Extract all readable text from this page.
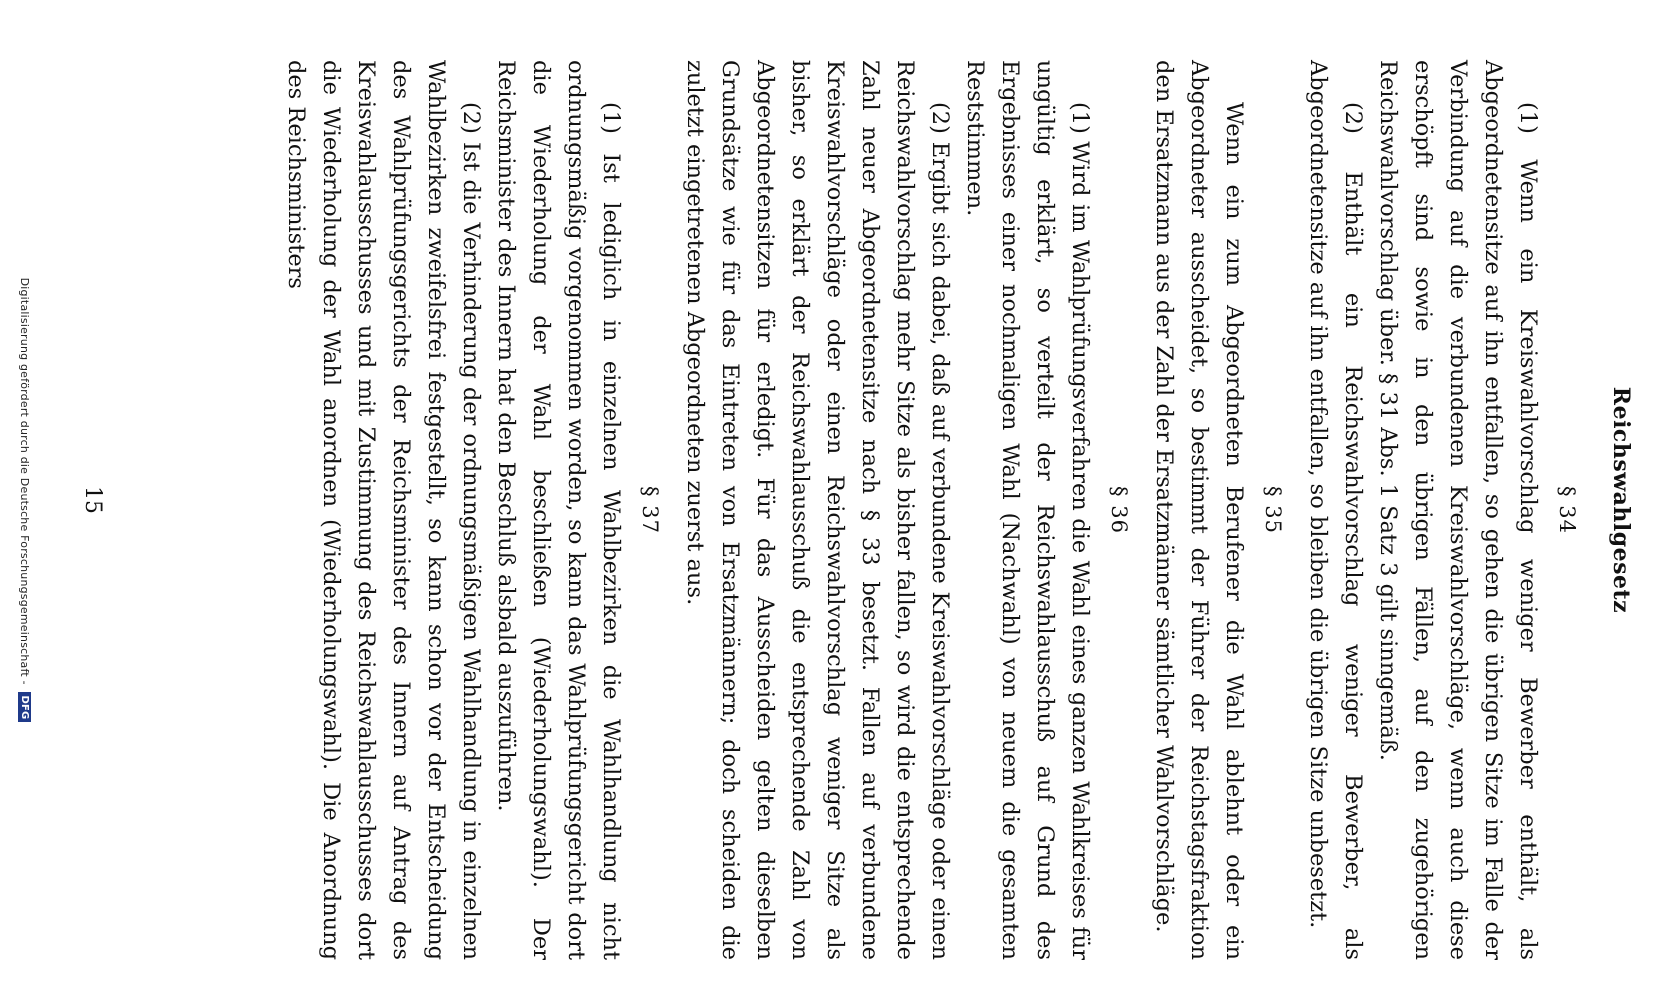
Reichswahlgesetz
§ 34

(1) Wenn ein Kreiswahlvorschlag weniger Bewerber enthält, als Abgeordnetensitze auf ihn entfallen, so gehen die übrigen Sitze im Falle der Verbindung auf die verbundenen Kreiswahlvorschläge, wenn auch diese erschöpft sind sowie in den übrigen Fällen, auf den zugehörigen Reichswahlvorschlag über. § 31 Abs. 1 Satz 3 gilt sinngemäß.

(2) Enthält ein Reichswahlvorschlag weniger Bewerber, als Abgeordnetensitze auf ihn entfallen, so bleiben die übrigen Sitze unbesetzt.

§ 35

Wenn ein zum Abgeordneten Berufener die Wahl ablehnt oder ein Abgeordneter ausscheidet, so bestimmt der Führer der Reichstagsfraktion den Ersatzmann aus der Zahl der Ersatzmänner sämtlicher Wahlvorschläge.

§ 36

(1) Wird im Wahlprüfungsverfahren die Wahl eines ganzen Wahlkreises für ungültig erklärt, so verteilt der Reichswahlausschuß auf Grund des Ergebnisses einer nochmaligen Wahl (Nachwahl) von neuem die gesamten Reststimmen.

(2) Ergibt sich dabei, daß auf verbundene Kreiswahlvorschläge oder einen Reichswahlvorschlag mehr Sitze als bisher fallen, so wird die entsprechende Zahl neuer Abgeordnetensitze nach § 33 besetzt. Fallen auf verbundene Kreiswahlvorschläge oder einen Reichswahlvorschlag weniger Sitze als bisher, so erklärt der Reichswahlausschuß die entsprechende Zahl von Abgeordnetensitzen für erledigt. Für das Ausscheiden gelten dieselben Grundsätze wie für das Eintreten von Ersatzmännern; doch scheiden die zuletzt eingetretenen Abgeordneten zuerst aus.

§ 37

(1) Ist lediglich in einzelnen Wahlbezirken die Wahlhandlung nicht ordnungsmäßig vorgenommen worden, so kann das Wahlprüfungsgericht dort die Wiederholung der Wahl beschließen (Wiederholungswahl). Der Reichsminister des Innern hat den Beschluß alsbald auszuführen.

(2) Ist die Verhinderung der ordnungsmäßigen Wahlhandlung in einzelnen Wahlbezirken zweifelsfrei festgestellt, so kann schon vor der Entscheidung des Wahlprüfungsgerichts der Reichsminister des Innern auf Antrag des Kreiswahlausschusses und mit Zustimmung des Reichswahlausschusses dort die Wiederholung der Wahl anordnen (Wiederholungswahl). Die Anordnung des Reichsministers

15
Digitalisierung gefördert durch die Deutsche Forschungsgemeinschaft - DFG
